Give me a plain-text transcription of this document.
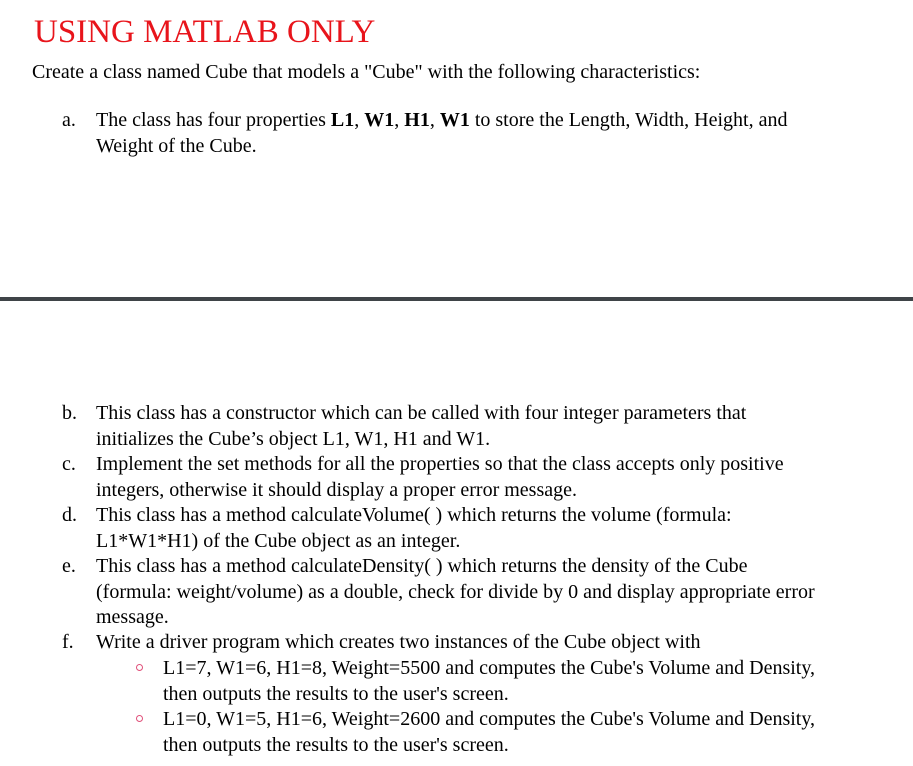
USING MATLAB ONLY
Create a class named Cube that models a "Cube" with the following characteristics:
a.	The class has four properties L1, W1, H1, W1 to store the Length, Width, Height, and
Weight of the Cube.
b. This class has a constructor which can be called with four integer parameters that
initializes the Cube’s object L1, W1, H1 and W1.
c.	Implement the set methods for all the properties so that the class accepts only positive
integers, otherwise it should display a proper error message.
d. This class has a method calculateVolume( ) which returns the volume (formula:
L1*W1*H1) of the Cube object as an integer.
e.	This class has a method calculateDensity( ) which returns the density of the Cube
(formula: weight/volume) as a double, check for divide by 0 and display appropriate error
message.
f.	Write a driver program which creates two instances of the Cube object with
L1=7, W1=6, H1=8, Weight=5500 and computes the Cube's Volume and Density,
then outputs the results to the user's screen.
L1=0, W1=5, H1=6, Weight=2600 and computes the Cube's Volume and Density,
then outputs the results to the user's screen.
